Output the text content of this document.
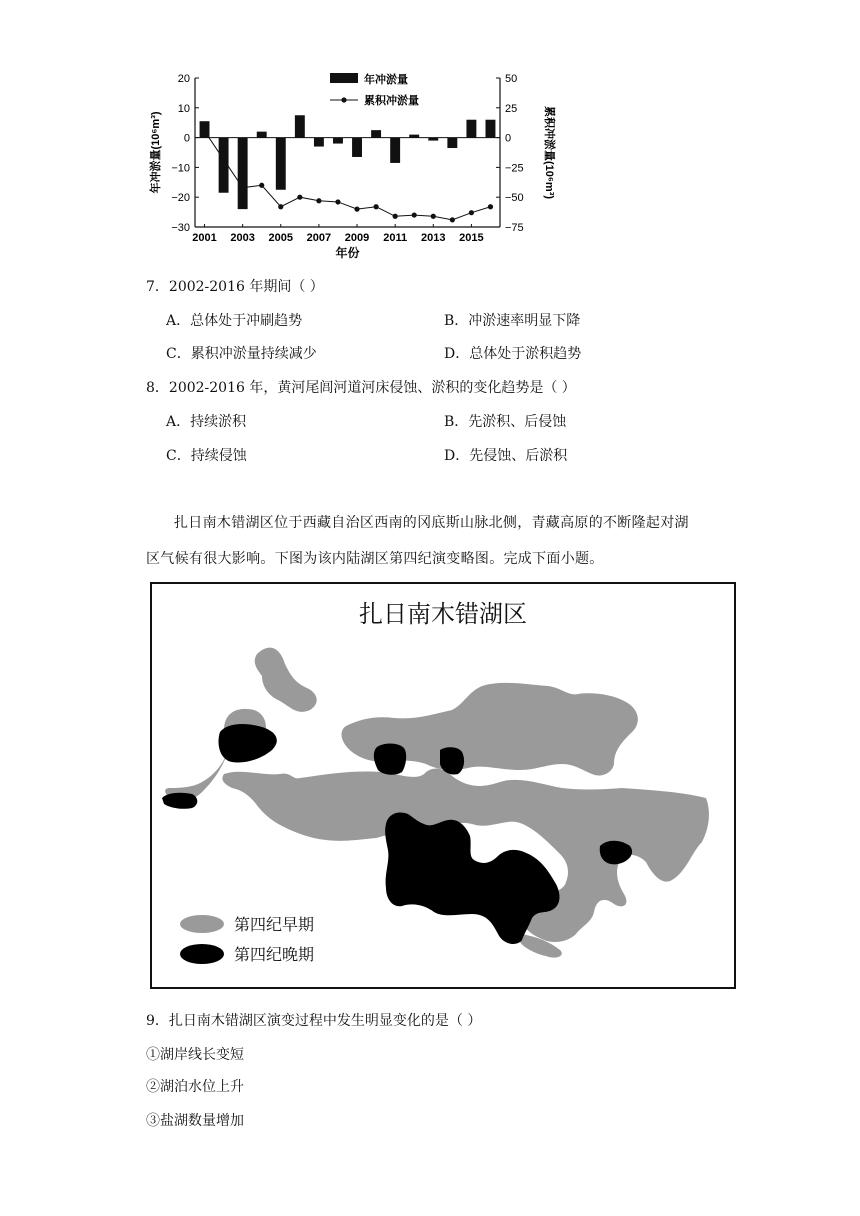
20
10
0
−10
−20
−30
50
25
0
−25
−50
−75
2001 2003 2005 2007 2009 2011 2013 2015
年份
年冲淤量(10⁶m³)	累积冲淤量(10⁶m³)
年冲淤量
累积冲淤量
7．2002-2016 年期间（ ）
A．总体处于冲刷趋势	B．冲淤速率明显下降
C．累积冲淤量持续减少	D．总体处于淤积趋势
8．2002-2016 年，黄河尾闾河道河床侵蚀、淤积的变化趋势是（ ）
A．持续淤积	B．先淤积、后侵蚀
C．持续侵蚀	D．先侵蚀、后淤积
扎日南木错湖区位于西藏自治区西南的冈底斯山脉北侧，青藏高原的不断隆起对湖
区气候有很大影响。下图为该内陆湖区第四纪演变略图。完成下面小题。
扎日南木错湖区
第四纪早期
第四纪晚期
9．扎日南木错湖区演变过程中发生明显变化的是（ ）
①湖岸线长变短
②湖泊水位上升
③盐湖数量增加
